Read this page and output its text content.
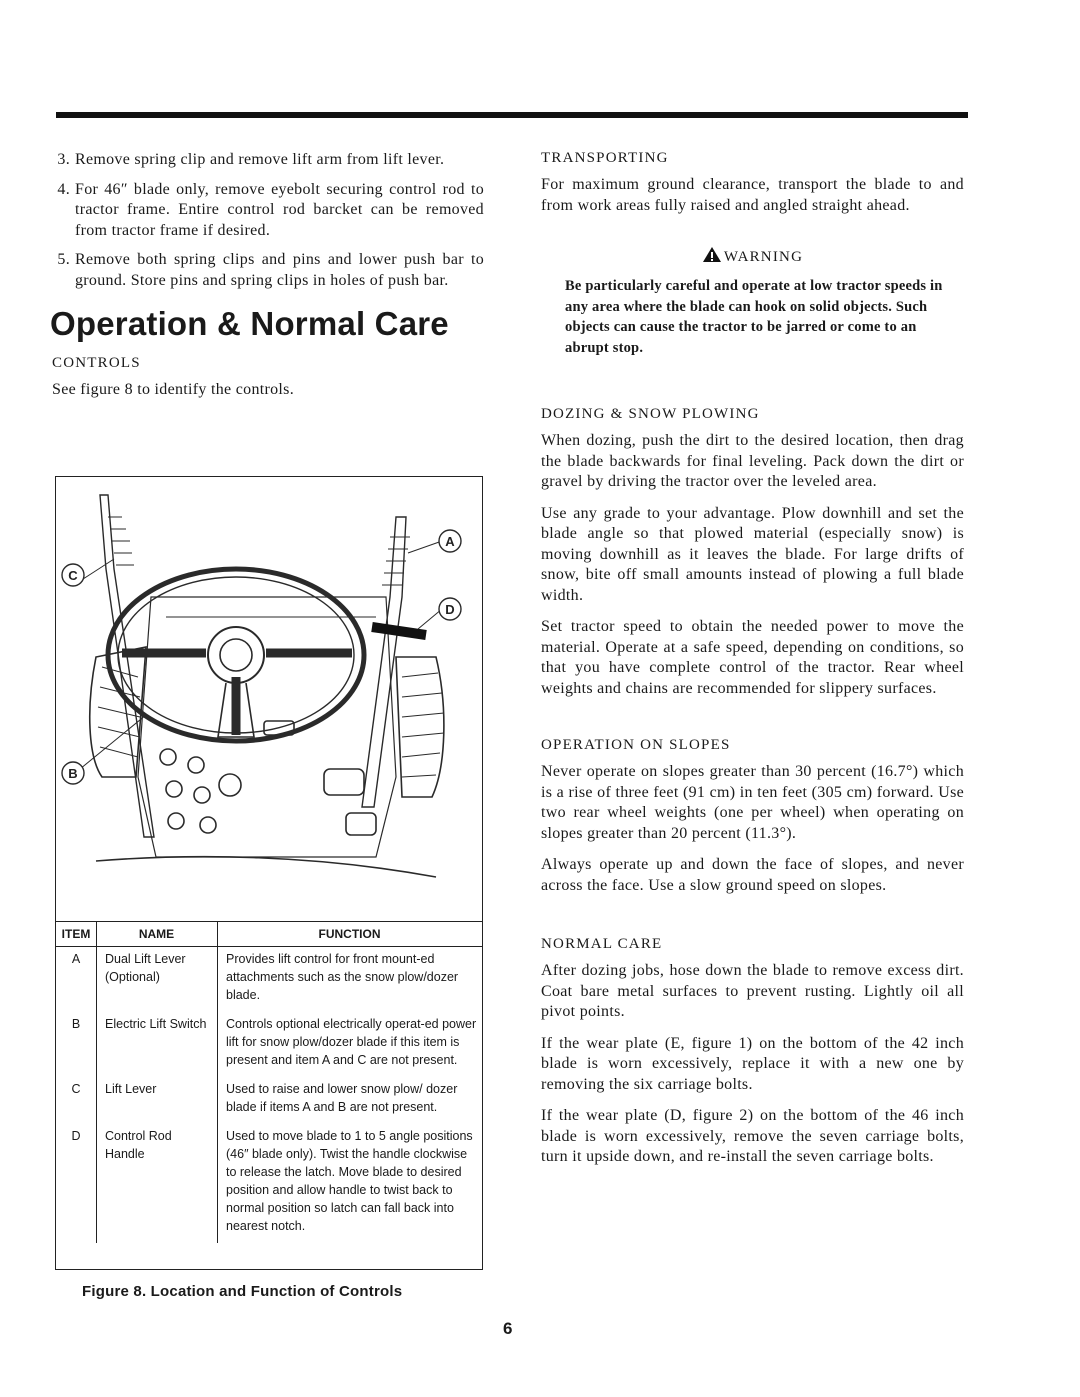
3. Remove spring clip and remove lift arm from lift lever.
4. For 46″ blade only, remove eyebolt securing control rod to tractor frame. Entire control rod barcket can be removed from tractor frame if desired.
5. Remove both spring clips and pins and lower push bar to ground. Store pins and spring clips in holes of push bar.
Operation & Normal Care
CONTROLS

See figure 8 to identify the controls.

A
B
C
D
ITEM	NAME	FUNCTION
A	Dual Lift Lever (Optional)	Provides lift control for front mount-ed attachments such as the snow plow/dozer blade.
B	Electric Lift Switch	Controls optional electrically operat-ed power lift for snow plow/dozer blade if this item is present and item A and C are not present.
C	Lift Lever	Used to raise and lower snow plow/ dozer blade if items A and B are not present.
D	Control Rod Handle	Used to move blade to 1 to 5 angle positions (46″ blade only). Twist the handle clockwise to release the latch. Move blade to desired position and allow handle to twist back to normal position so latch can fall back into nearest notch.
Figure 8. Location and Function of Controls
TRANSPORTING

For maximum ground clearance, transport the blade to and from work areas fully raised and angled straight ahead.

WARNING

Be particularly careful and operate at low tractor speeds in any area where the blade can hook on solid objects. Such objects can cause the tractor to be jarred or come to an abrupt stop.

DOZING & SNOW PLOWING

When dozing, push the dirt to the desired location, then drag the blade backwards for final leveling. Pack down the dirt or gravel by driving the tractor over the leveled area.

Use any grade to your advantage. Plow downhill and set the blade angle so that plowed material (especially snow) is moving downhill as it leaves the blade. For large drifts of snow, bite off small amounts instead of plowing a full blade width.

Set tractor speed to obtain the needed power to move the material. Operate at a safe speed, depending on conditions, so that you have complete control of the tractor. Rear wheel weights and chains are recommended for slippery surfaces.

OPERATION ON SLOPES

Never operate on slopes greater than 30 percent (16.7°) which is a rise of three feet (91 cm) in ten feet (305 cm) forward. Use two rear wheel weights (one per wheel) when operating on slopes greater than 20 percent (11.3°).

Always operate up and down the face of slopes, and never across the face. Use a slow ground speed on slopes.

NORMAL CARE

After dozing jobs, hose down the blade to remove excess dirt. Coat bare metal surfaces to prevent rusting. Lightly oil all pivot points.

If the wear plate (E, figure 1) on the bottom of the 42 inch blade is worn excessively, replace it with a new one by removing the six carriage bolts.

If the wear plate (D, figure 2) on the bottom of the 46 inch blade is worn excessively, remove the seven carriage bolts, turn it upside down, and re-install the seven carriage bolts.

6
